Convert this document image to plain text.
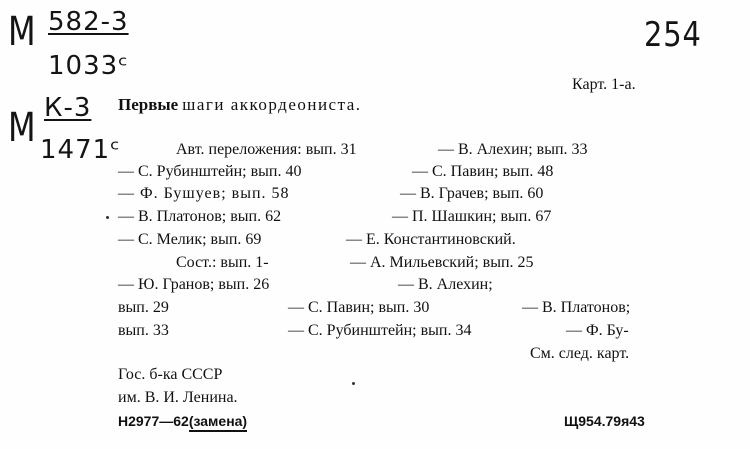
M 582-3
1033ᶜ
M К-3
1471ᶜ
254
Карт. 1-а.
Первые шаги аккордеониста.
Авт. переложения: вып. 31	— В. Алехин; вып. 33
— С. Рубинштейн; вып. 40	— С. Павин; вып. 48
— Ф. Бушуев; вып. 58	— В. Грачев; вып. 60
— В. Платонов; вып. 62	— П. Шашкин; вып. 67
— С. Мелик; вып. 69	— Е. Константиновский.
Сост.: вып. 1-	— А. Мильевский; вып. 25
— Ю. Гранов; вып. 26	— В. Алехин;
вып. 29	— С. Павин; вып. 30	— В. Платонов;
вып. 33	— С. Рубинштейн; вып. 34	— Ф. Бу-
См. след. карт.
Гос. б-ка СССР
им. В. И. Ленина.
Н2977—62(замена)	Щ954.79я43
